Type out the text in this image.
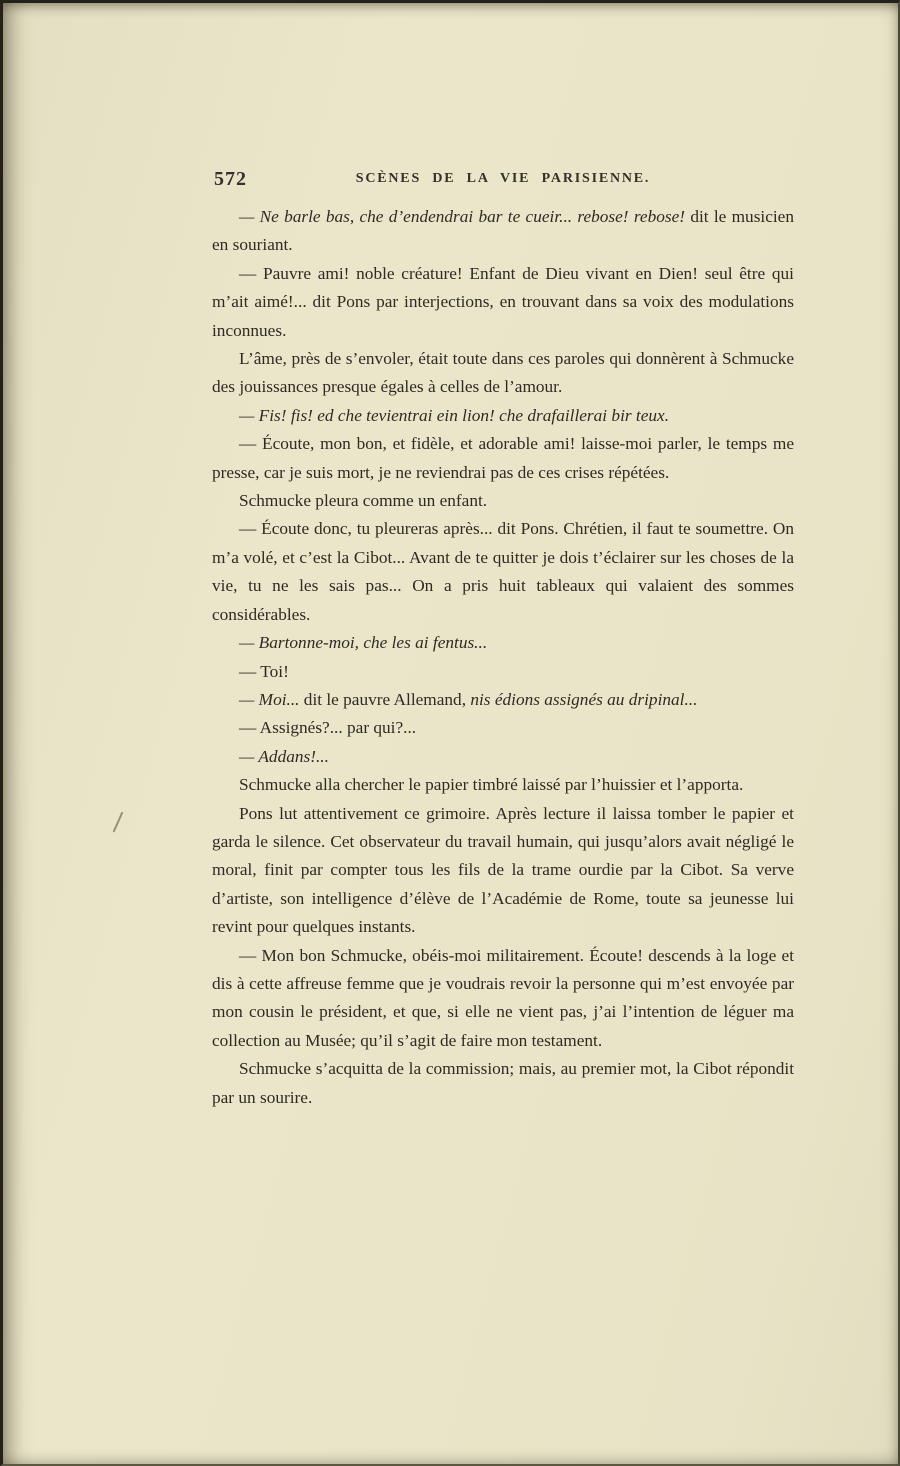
572	SCÈNES DE LA VIE PARISIENNE.

— Ne barle bas, che d’endendrai bar te cueir... rebose! rebose! dit le musicien en souriant.

— Pauvre ami! noble créature! Enfant de Dieu vivant en Dien! seul être qui m’ait aimé!... dit Pons par interjections, en trouvant dans sa voix des modulations inconnues.

L’âme, près de s’envoler, était toute dans ces paroles qui donnèrent à Schmucke des jouissances presque égales à celles de l’amour.

— Fis! fis! ed che tevientrai ein lion! che drafaillerai bir teux.

— Écoute, mon bon, et fidèle, et adorable ami! laisse-moi parler, le temps me presse, car je suis mort, je ne reviendrai pas de ces crises répétées.

Schmucke pleura comme un enfant.

— Écoute donc, tu pleureras après... dit Pons. Chrétien, il faut te soumettre. On m’a volé, et c’est la Cibot... Avant de te quitter je dois t’éclairer sur les choses de la vie, tu ne les sais pas... On a pris huit tableaux qui valaient des sommes considérables.

— Bartonne-moi, che les ai fentus...

— Toi!

— Moi... dit le pauvre Allemand, nis édions assignés au dripinal...

— Assignés?... par qui?...

— Addans!...

Schmucke alla chercher le papier timbré laissé par l’huissier et l’apporta.

Pons lut attentivement ce grimoire. Après lecture il laissa tomber le papier et garda le silence. Cet observateur du travail humain, qui jusqu’alors avait négligé le moral, finit par compter tous les fils de la trame ourdie par la Cibot. Sa verve d’artiste, son intelligence d’élève de l’Académie de Rome, toute sa jeunesse lui revint pour quelques instants.

— Mon bon Schmucke, obéis-moi militairement. Écoute! descends à la loge et dis à cette affreuse femme que je voudrais revoir la personne qui m’est envoyée par mon cousin le président, et que, si elle ne vient pas, j’ai l’intention de léguer ma collection au Musée; qu’il s’agit de faire mon testament.

Schmucke s’acquitta de la commission; mais, au premier mot, la Cibot répondit par un sourire.
